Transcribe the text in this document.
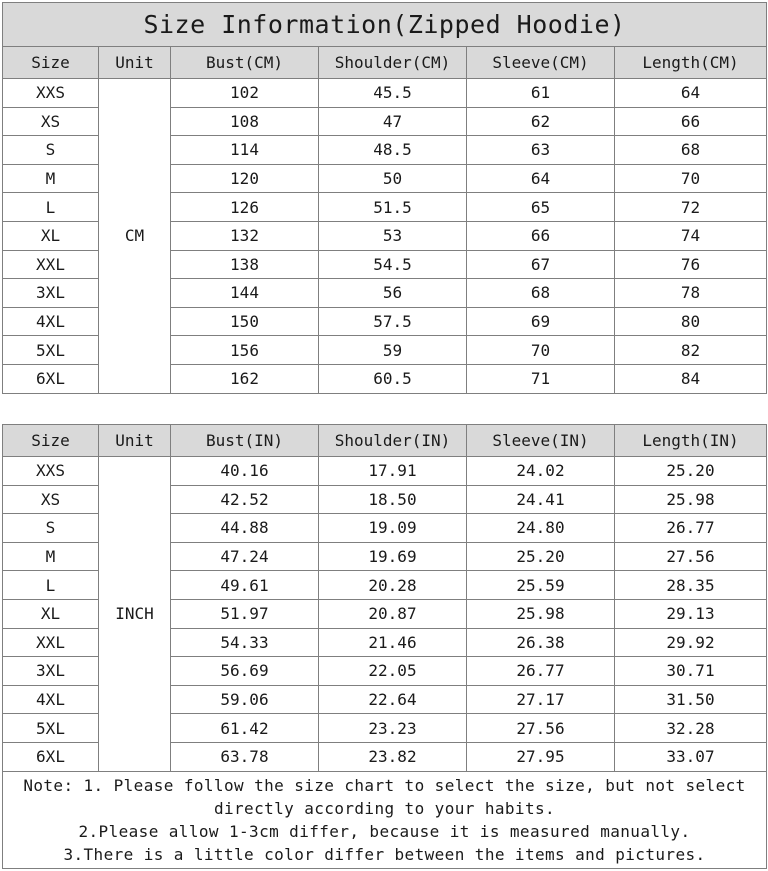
Size Information(Zipped Hoodie)					
Size	Unit	Bust(CM)	Shoulder(CM)	Sleeve(CM)	Length(CM)
XXS	CM	102	45.5	61	64
XS		108	47	62	66
S		114	48.5	63	68
M		120	50	64	70
L		126	51.5	65	72
XL		132	53	66	74
XXL		138	54.5	67	76
3XL		144	56	68	78
4XL		150	57.5	69	80
5XL		156	59	70	82
6XL		162	60.5	71	84
Size	Unit	Bust(IN)	Shoulder(IN)	Sleeve(IN)	Length(IN)
XXS	INCH	40.16	17.91	24.02	25.20
XS		42.52	18.50	24.41	25.98
S		44.88	19.09	24.80	26.77
M		47.24	19.69	25.20	27.56
L		49.61	20.28	25.59	28.35
XL		51.97	20.87	25.98	29.13
XXL		54.33	21.46	26.38	29.92
3XL		56.69	22.05	26.77	30.71
4XL		59.06	22.64	27.17	31.50
5XL		61.42	23.23	27.56	32.28
6XL		63.78	23.82	27.95	33.07

Note: 1. Please follow the size chart to select the size, but not select directly according to your habits.
2.Please allow 1-3cm differ, because it is measured manually.
3.There is a little color differ between the items and pictures.					
